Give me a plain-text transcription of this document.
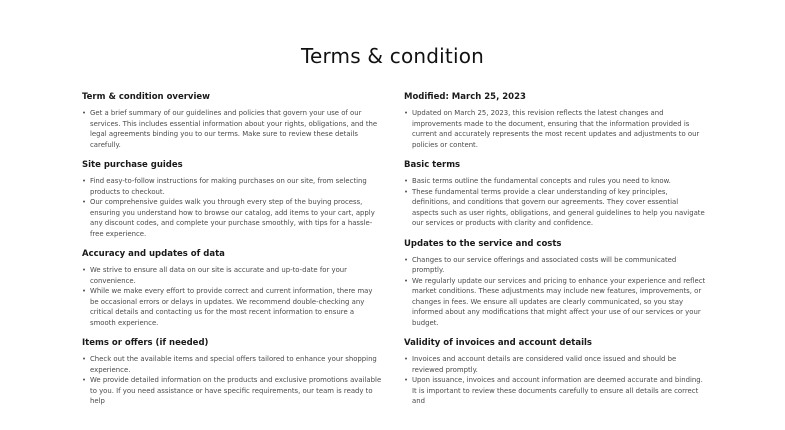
Terms & condition
Term & condition overview
• Get a brief summary of our guidelines and policies that govern your use of our services. This includes essential information about your rights, obligations, and the legal agreements binding you to our terms. Make sure to review these details carefully.
Site purchase guides
• Find easy-to-follow instructions for making purchases on our site, from selecting products to checkout.
• Our comprehensive guides walk you through every step of the buying process, ensuring you understand how to browse our catalog, add items to your cart, apply any discount codes, and complete your purchase smoothly, with tips for a hassle-free experience.
Accuracy and updates of data
• We strive to ensure all data on our site is accurate and up-to-date for your convenience.
• While we make every effort to provide correct and current information, there may be occasional errors or delays in updates. We recommend double-checking any critical details and contacting us for the most recent information to ensure a smooth experience.
Items or offers (if needed)
• Check out the available items and special offers tailored to enhance your shopping experience.
• We provide detailed information on the products and exclusive promotions available to you. If you need assistance or have specific requirements, our team is ready to help
Modified: March 25, 2023
• Updated on March 25, 2023, this revision reflects the latest changes and improvements made to the document, ensuring that the information provided is current and accurately represents the most recent updates and adjustments to our policies or content.
Basic terms
• Basic terms outline the fundamental concepts and rules you need to know.
• These fundamental terms provide a clear understanding of key principles, definitions, and conditions that govern our agreements. They cover essential aspects such as user rights, obligations, and general guidelines to help you navigate our services or products with clarity and confidence.
Updates to the service and costs
• Changes to our service offerings and associated costs will be communicated promptly.
• We regularly update our services and pricing to enhance your experience and reflect market conditions. These adjustments may include new features, improvements, or changes in fees. We ensure all updates are clearly communicated, so you stay informed about any modifications that might affect your use of our services or your budget.
Validity of invoices and account details
• Invoices and account details are considered valid once issued and should be reviewed promptly.
• Upon issuance, invoices and account information are deemed accurate and binding. It is important to review these documents carefully to ensure all details are correct and
